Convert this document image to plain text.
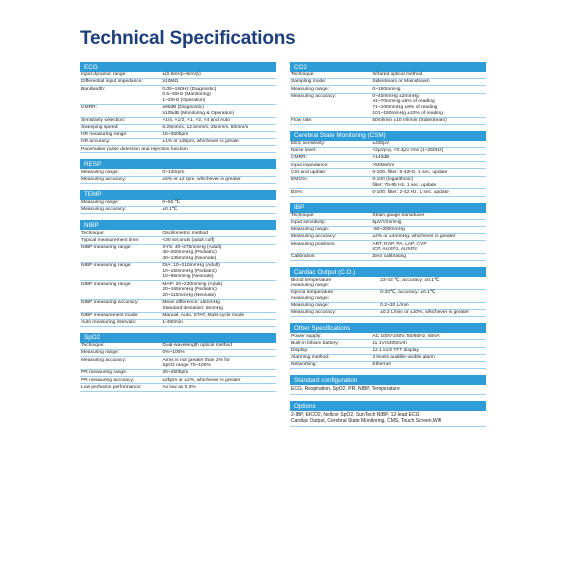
Technical Specifications
ECG
Input dynamic range:	±(0.5mVp~5mVp)
Differential input impedance:	≥10MΩ
Bandwidth:	0.05~150Hz (Diagnostic)
0.5~40Hz (Monitoring)
1~20Hz (Operation)
CMRR:	≥90dB (Diagnostic)
≥105dB (Monitoring & Operation)
Sensitivity selection:	×1/4, ×1/2, ×1, ×2, ×4 and Auto
Sweeping speed:	6.25mm/s, 12.5mm/s, 25mm/s, 50mm/s
HR measuring range:	15~350bpm
HR accuracy:	±1% or ±2bpm, whichever is greate
Pacemaker pulse detection and rejection function
RESP
Measuring range:	0~120rpm
Measuring accuracy:	±5% or ±2 rpm, whichever is greater
TEMP
Measuring range:	0~50 ℃
Measuring accuracy:	±0.1℃
NIBP
Technique:	Oscillometric method
Typical measurement time:	<30 seconds (adult cuff)
NIBP measuring range:	SYS: 40~275mmHg (Adult)
40~200mmHg (Pediatric)
40~135mmHg (Neonate)
NIBP measuring range:	DIA: 10~210mmHg (Adult)
10~150mmHg (Pediatric)
10~95mmHg (Neonate)
NIBP measuring range:	MAP: 20~230mmHg (Adult)
20~165mmHg (Pediatric)
20~110mmHg (Neonate)
NIBP measuring accuracy:	Mean difference: ±5mmHg
Standard deviation: 8mmHg
NIBP measurement mode:	Manual, Auto, STAT, Multi-cycle mode
Auto measuring intervals:	1-480min
SpO2
Technique:	Dual-wavelength optical method
Measuring range:	0%~100%
Measuring accuracy:	Arms is not greater than 2% for
SpO2 range 70~100%
PR measuring range:	30~250bpm
PR measuring accuracy:	±2bpm or ±2%, whichever is greater
Low perfusion performance:	As low as 0.3%
CO2
Technique:	Infrared optical method
Sampling mode:	Sidestream or Mainstream
Measuring range:	0~150mmHg
Measuring accuracy:	0~40mmHg ±2mmHg
41~70mmHg ±5% of reading
71~100mmHg ±8% of reading
101~150mmHg ±10% of reading
Flow rate:	50ml/min ±10 ml/min (Sidestream)
Cerebral State Monitoring (CSM)
EEG sensitivity:	±400μV
Noise level:	<2μVp-p, <0.4μV rms (1~250Hz)
CMRR:	>140dB
Input impedance:	>50Mohm
CSI and update:	0-100, filter: 6-42Hz, 1 sec. update
EMG%:	0-100 (logarithmic)
filter: 75-85 Hz, 1 sec. update
BS%:	0-100, filter: 2-42 Hz, 1 sec. update
IBP
Technique:	Strain gauge transducer
Input sensitivity:	5μV/V/mmHg
Measuring range:	-50~300mmHg
Measuring accuracy:	±2% or ±4mmHg, whichever is greater
Measuring positions:	ART, RAP, PA, LAP, CVP
ICP, AUXP1, AUXP2
Calibration:	Zero calibrating
Cardiac Output (C.O.)
Blood temperature
measuring range:
23-43 ℃, accuracy: ±0.1℃
Injecta temperature
measuring range:
0-20℃, accuracy: ±0.1℃
Measuring range:	0.2~20 L/min
Measuring accuracy:	±0.2 L/min or ±10%, whichever is greater
Other Specifications
Power supply:	AC 100V-240V, 50/60Hz, 60VA
Built-in lithium battery:	11.1V/4400mAh
Display:	12.1 inch TFT display
Alarming method:	3 levels audible-visible alarm
Networking:	Ethernet
Standard configuration
ECG, Respiration, SpO2, PR, NIBP, Temperature
Options
2-IBP, EtCO2, Nellcor SpO2, SunTech NIBP, 12-lead ECG
Cardiac Output, Cerebral State Monitoring, CMS, Touch Screen,Wifi
